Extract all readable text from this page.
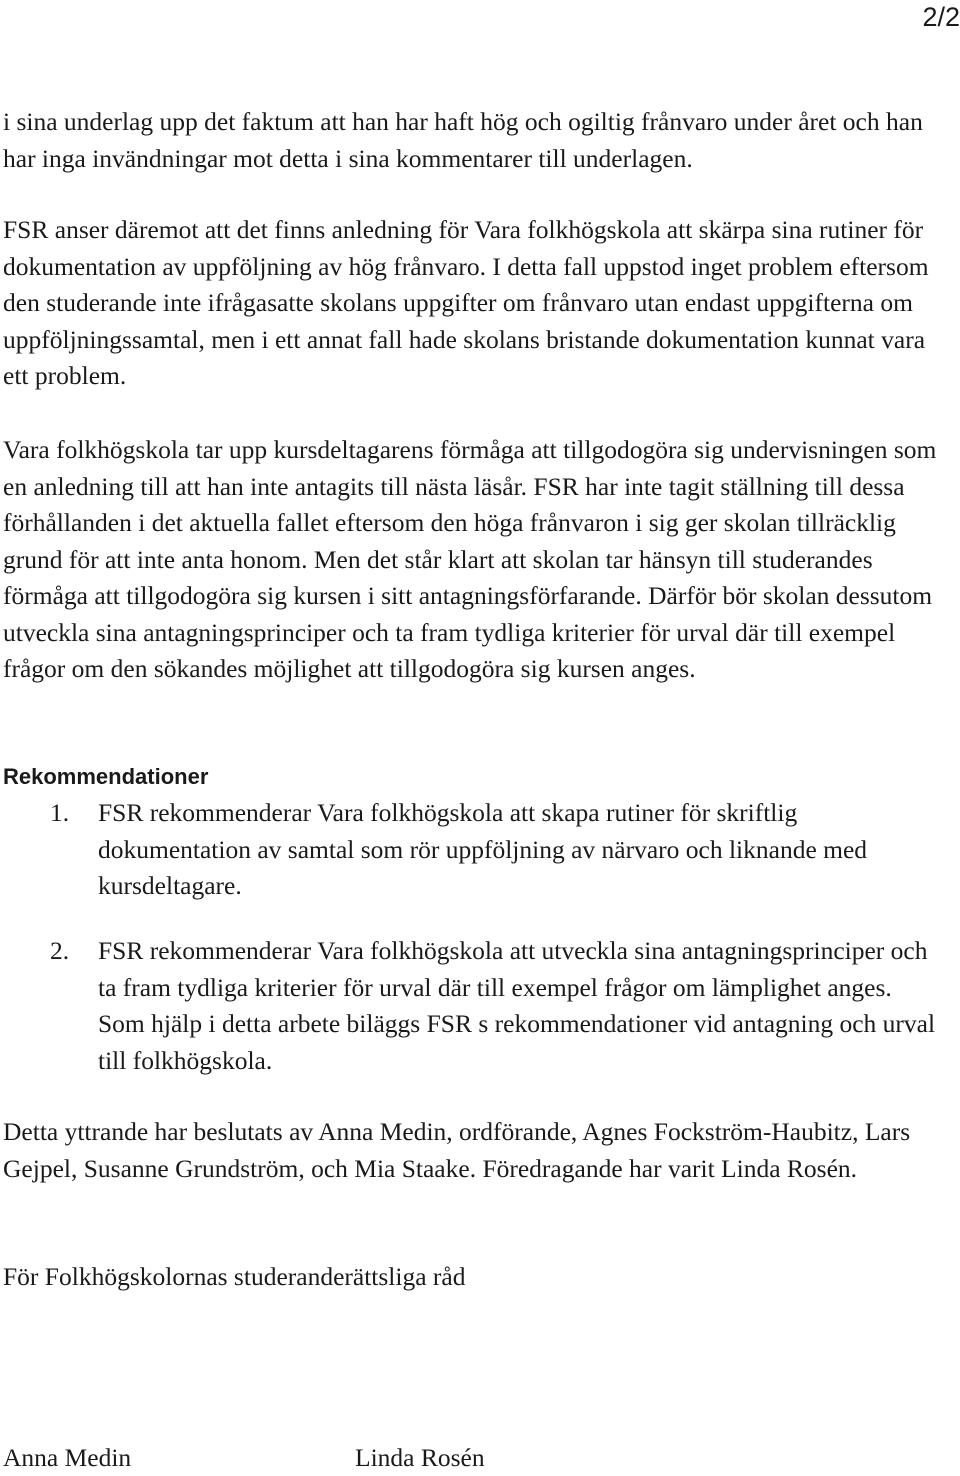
2/2

i sina underlag upp det faktum att han har haft hög och ogiltig frånvaro under året och han har inga invändningar mot detta i sina kommentarer till underlagen.

FSR anser däremot att det finns anledning för Vara folkhögskola att skärpa sina rutiner för dokumentation av uppföljning av hög frånvaro. I detta fall uppstod inget problem eftersom den studerande inte ifrågasatte skolans uppgifter om frånvaro utan endast uppgifterna om uppföljningssamtal, men i ett annat fall hade skolans bristande dokumentation kunnat vara ett problem.

Vara folkhögskola tar upp kursdeltagarens förmåga att tillgodogöra sig undervisningen som en anledning till att han inte antagits till nästa läsår. FSR har inte tagit ställning till dessa förhållanden i det aktuella fallet eftersom den höga frånvaron i sig ger skolan tillräcklig grund för att inte anta honom. Men det står klart att skolan tar hänsyn till studerandes förmåga att tillgodogöra sig kursen i sitt antagningsförfarande. Därför bör skolan dessutom utveckla sina antagningsprinciper och ta fram tydliga kriterier för urval där till exempel frågor om den sökandes möjlighet att tillgodogöra sig kursen anges.

Rekommendationer
1. FSR rekommenderar Vara folkhögskola att skapa rutiner för skriftlig dokumentation av samtal som rör uppföljning av närvaro och liknande med kursdeltagare.
2. FSR rekommenderar Vara folkhögskola att utveckla sina antagningsprinciper och ta fram tydliga kriterier för urval där till exempel frågor om lämplighet anges. Som hjälp i detta arbete biläggs FSR s rekommendationer vid antagning och urval till folkhögskola.

Detta yttrande har beslutats av Anna Medin, ordförande, Agnes Fockström-Haubitz, Lars Gejpel, Susanne Grundström, och Mia Staake. Föredragande har varit Linda Rosén.

För Folkhögskolornas studeranderättsliga råd

Anna Medin	Linda Rosén
